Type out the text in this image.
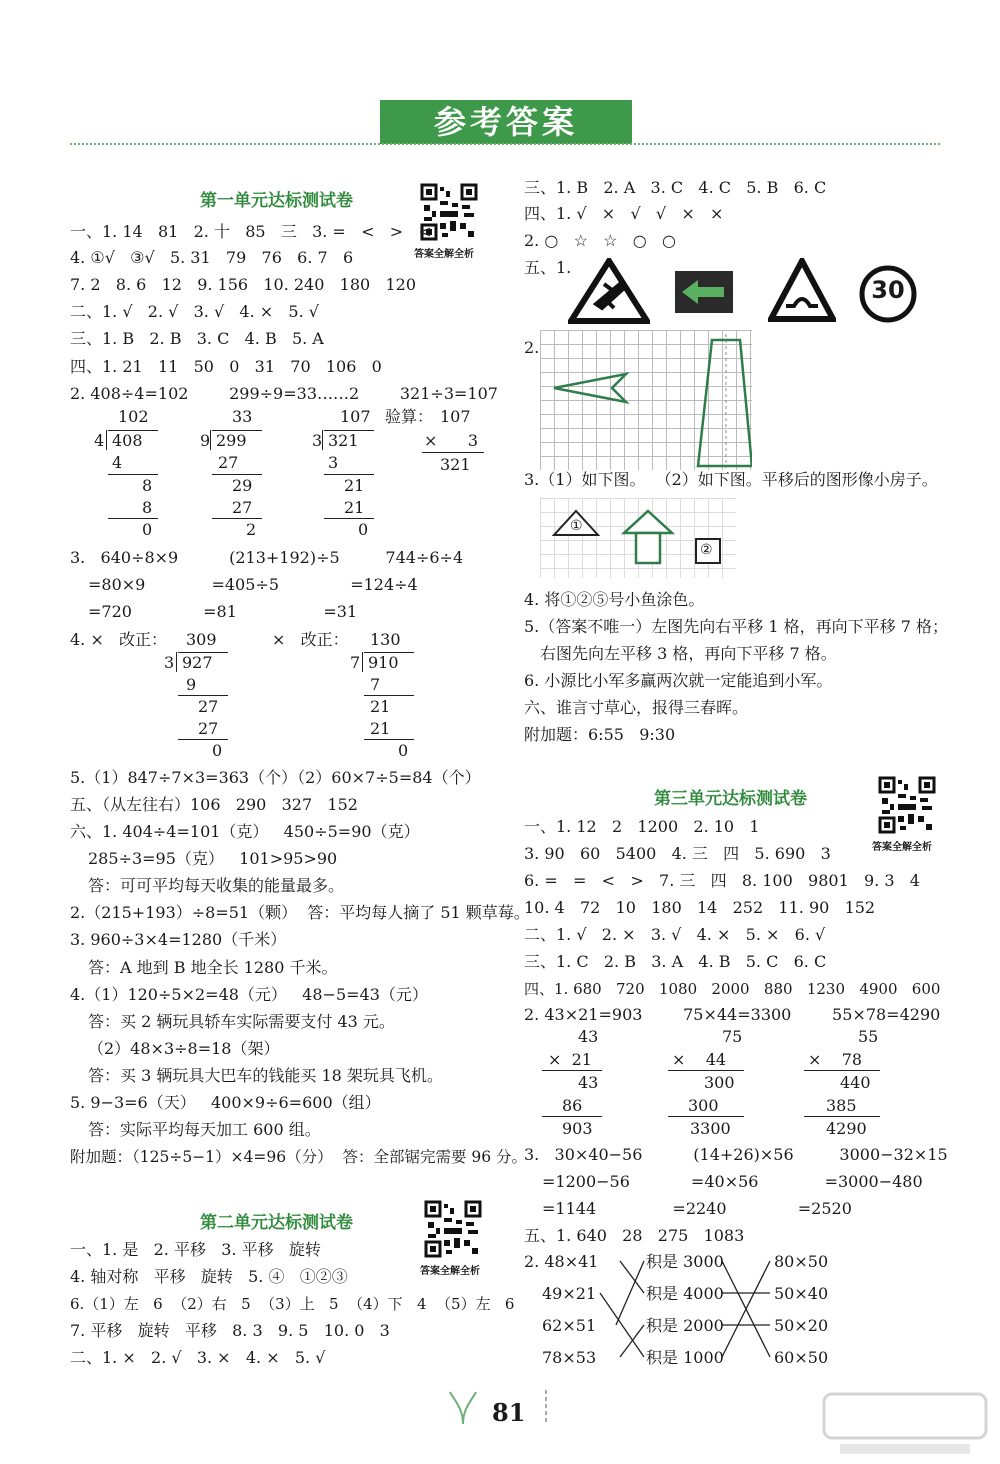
参考答案
第一单元达标测试卷
答案全解全析
一、1. 14   81   2. 十   85   三   3. =   <   >   <
4. ①√   ③√   5. 31   79   76   6. 7   6
7. 2   8. 6   12   9. 156   10. 240   180   120
二、1. √   2. √   3. √   4. ×   5. √
三、1. B   2. B   3. C   4. B   5. A
四、1. 21   11   50   0   31   70   106   0
2. 408÷4=102        299÷9=33……2        321÷3=107
102
4 408
4
8
8
0
33
9 299
27
29
27
2
107
3 321
3
21
21
0
验算： 107
×      3
321
3.   640÷8×9          (213+192)÷5         744÷6÷4
=80×9             =405÷5              =124÷4
=720              =81                 =31
4. ×   改正：	×   改正：
309
3 927
9
27
27
0
130
7 910
7
21
21
0
5.（1）847÷7×3=363（个）（2）60×7÷5=84（个）
五、（从左往右）106   290   327   152
六、1. 404÷4=101（克）   450÷5=90（克）
285÷3=95（克）   101>95>90
答：可可平均每天收集的能量最多。
2.（215+193）÷8=51（颗）  答：平均每人摘了 51 颗草莓。
3. 960÷3×4=1280（千米）
答：A 地到 B 地全长 1280 千米。
4.（1）120÷5×2=48（元）   48−5=43（元）
答：买 2 辆玩具轿车实际需要支付 43 元。
（2）48×3÷8=18（架）
答：买 3 辆玩具大巴车的钱能买 18 架玩具飞机。
5. 9−3=6（天）   400×9÷6=600（组）
答：实际平均每天加工 600 组。
附加题：（125÷5−1）×4=96（分）  答：全部锯完需要 96 分。
第二单元达标测试卷
答案全解全析
一、1. 是   2. 平移   3. 平移   旋转
4. 轴对称   平移   旋转   5. ④   ①②③
6.（1）左   6  （2）右   5  （3）上   5  （4）下   4  （5）左   6
7. 平移   旋转   平移   8. 3   9. 5   10. 0   3
二、1. ×   2. √   3. ×   4. ×   5. √
三、1. B   2. A   3. C   4. C   5. B   6. C
四、1. √   ×   √   √   ×   ×
2. ○   ☆   ☆   ○   ○
五、1.
30
2.
3.（1）如下图。  （2）如下图。平移后的图形像小房子。
①
②
4. 将①②⑤号小鱼涂色。
5.（答案不唯一）左图先向右平移 1 格，再向下平移 7 格；
右图先向左平移 3 格，再向下平移 7 格。
6. 小源比小军多赢两次就一定能追到小军。
六、谁言寸草心，报得三春晖。
附加题：6:55   9:30
第三单元达标测试卷
答案全解全析
一、1. 12   2   1200   2. 10   1
3. 90   60   5400   4. 三   四   5. 690   3
6. =   =   <   >   7. 三   四   8. 100   9801   9. 3   4
10. 4   72   10   180   14   252   11. 90   152
二、1. √   2. ×   3. √   4. ×   5. ×   6. √
三、1. C   2. B   3. A   4. B   5. C   6. C
四、1. 680   720   1080   2000   880   1230   4900   600
2. 43×21=903        75×44=3300        55×78=4290
43
×  21
43
86
903
75
×    44
300
300
3300
55
×    78
440
385
4290
3.   30×40−56          (14+26)×56         3000−32×15
=1200−56            =40×56             =3000−480
=1144               =2240              =2520
五、1. 640   28   275   1083
2. 48×41
49×21
62×51
78×53
积是 3000
积是 4000
积是 2000
积是 1000
80×50
50×40
50×20
60×50
81
